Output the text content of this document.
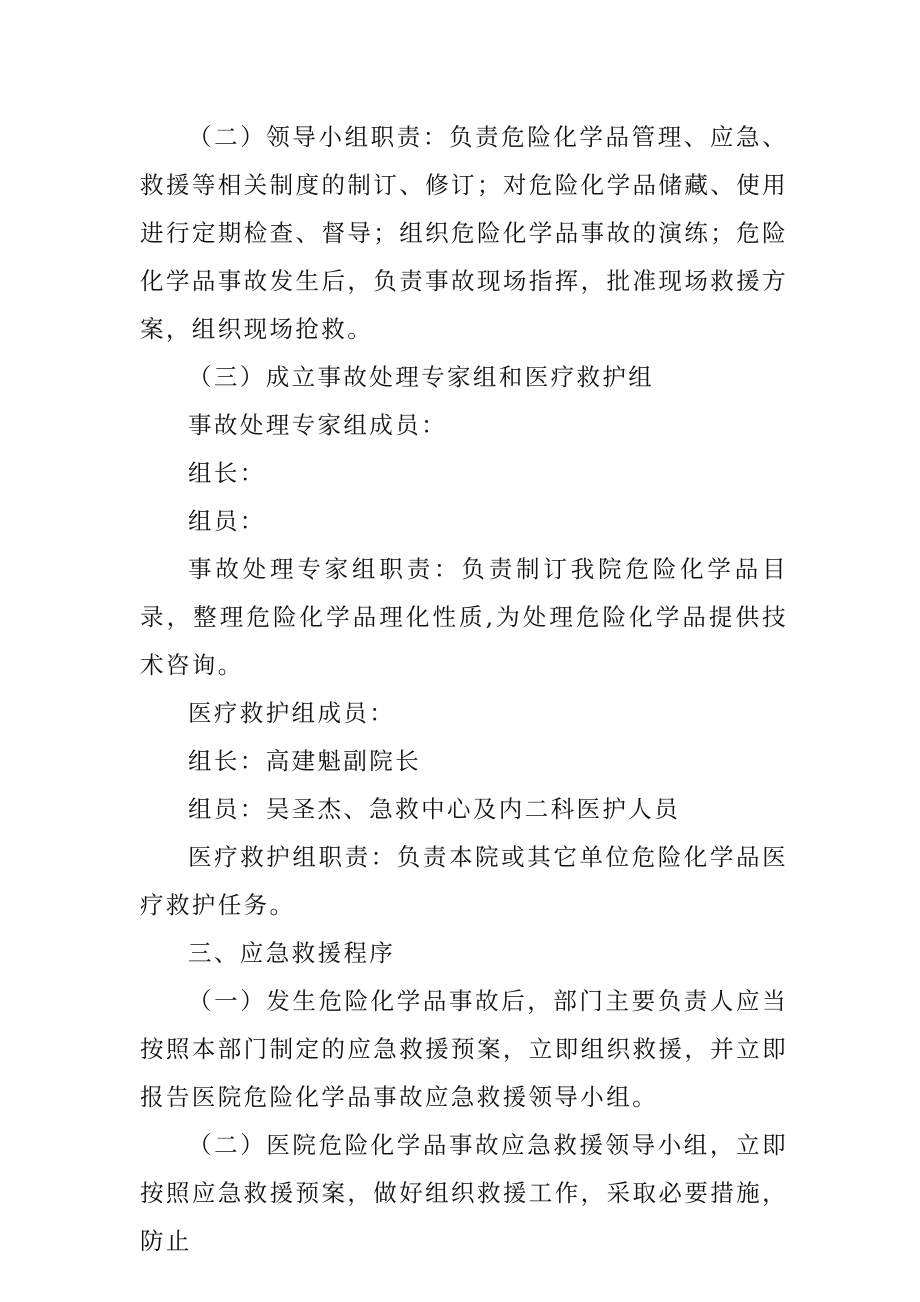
（二）领导小组职责：负责危险化学品管理、应急、救援等相关制度的制订、修订；对危险化学品储藏、使用进行定期检查、督导；组织危险化学品事故的演练；危险化学品事故发生后，负责事故现场指挥，批准现场救援方案，组织现场抢救。

（三）成立事故处理专家组和医疗救护组

事故处理专家组成员：

组长：

组员：

事故处理专家组职责：负责制订我院危险化学品目录，整理危险化学品理化性质,为处理危险化学品提供技术咨询。

医疗救护组成员：

组长：高建魁副院长

组员：吴圣杰、急救中心及内二科医护人员

医疗救护组职责：负责本院或其它单位危险化学品医疗救护任务。

三、应急救援程序

（一）发生危险化学品事故后，部门主要负责人应当按照本部门制定的应急救援预案，立即组织救援，并立即报告医院危险化学品事故应急救援领导小组。

（二）医院危险化学品事故应急救援领导小组，立即按照应急救援预案，做好组织救援工作，采取必要措施，防止
